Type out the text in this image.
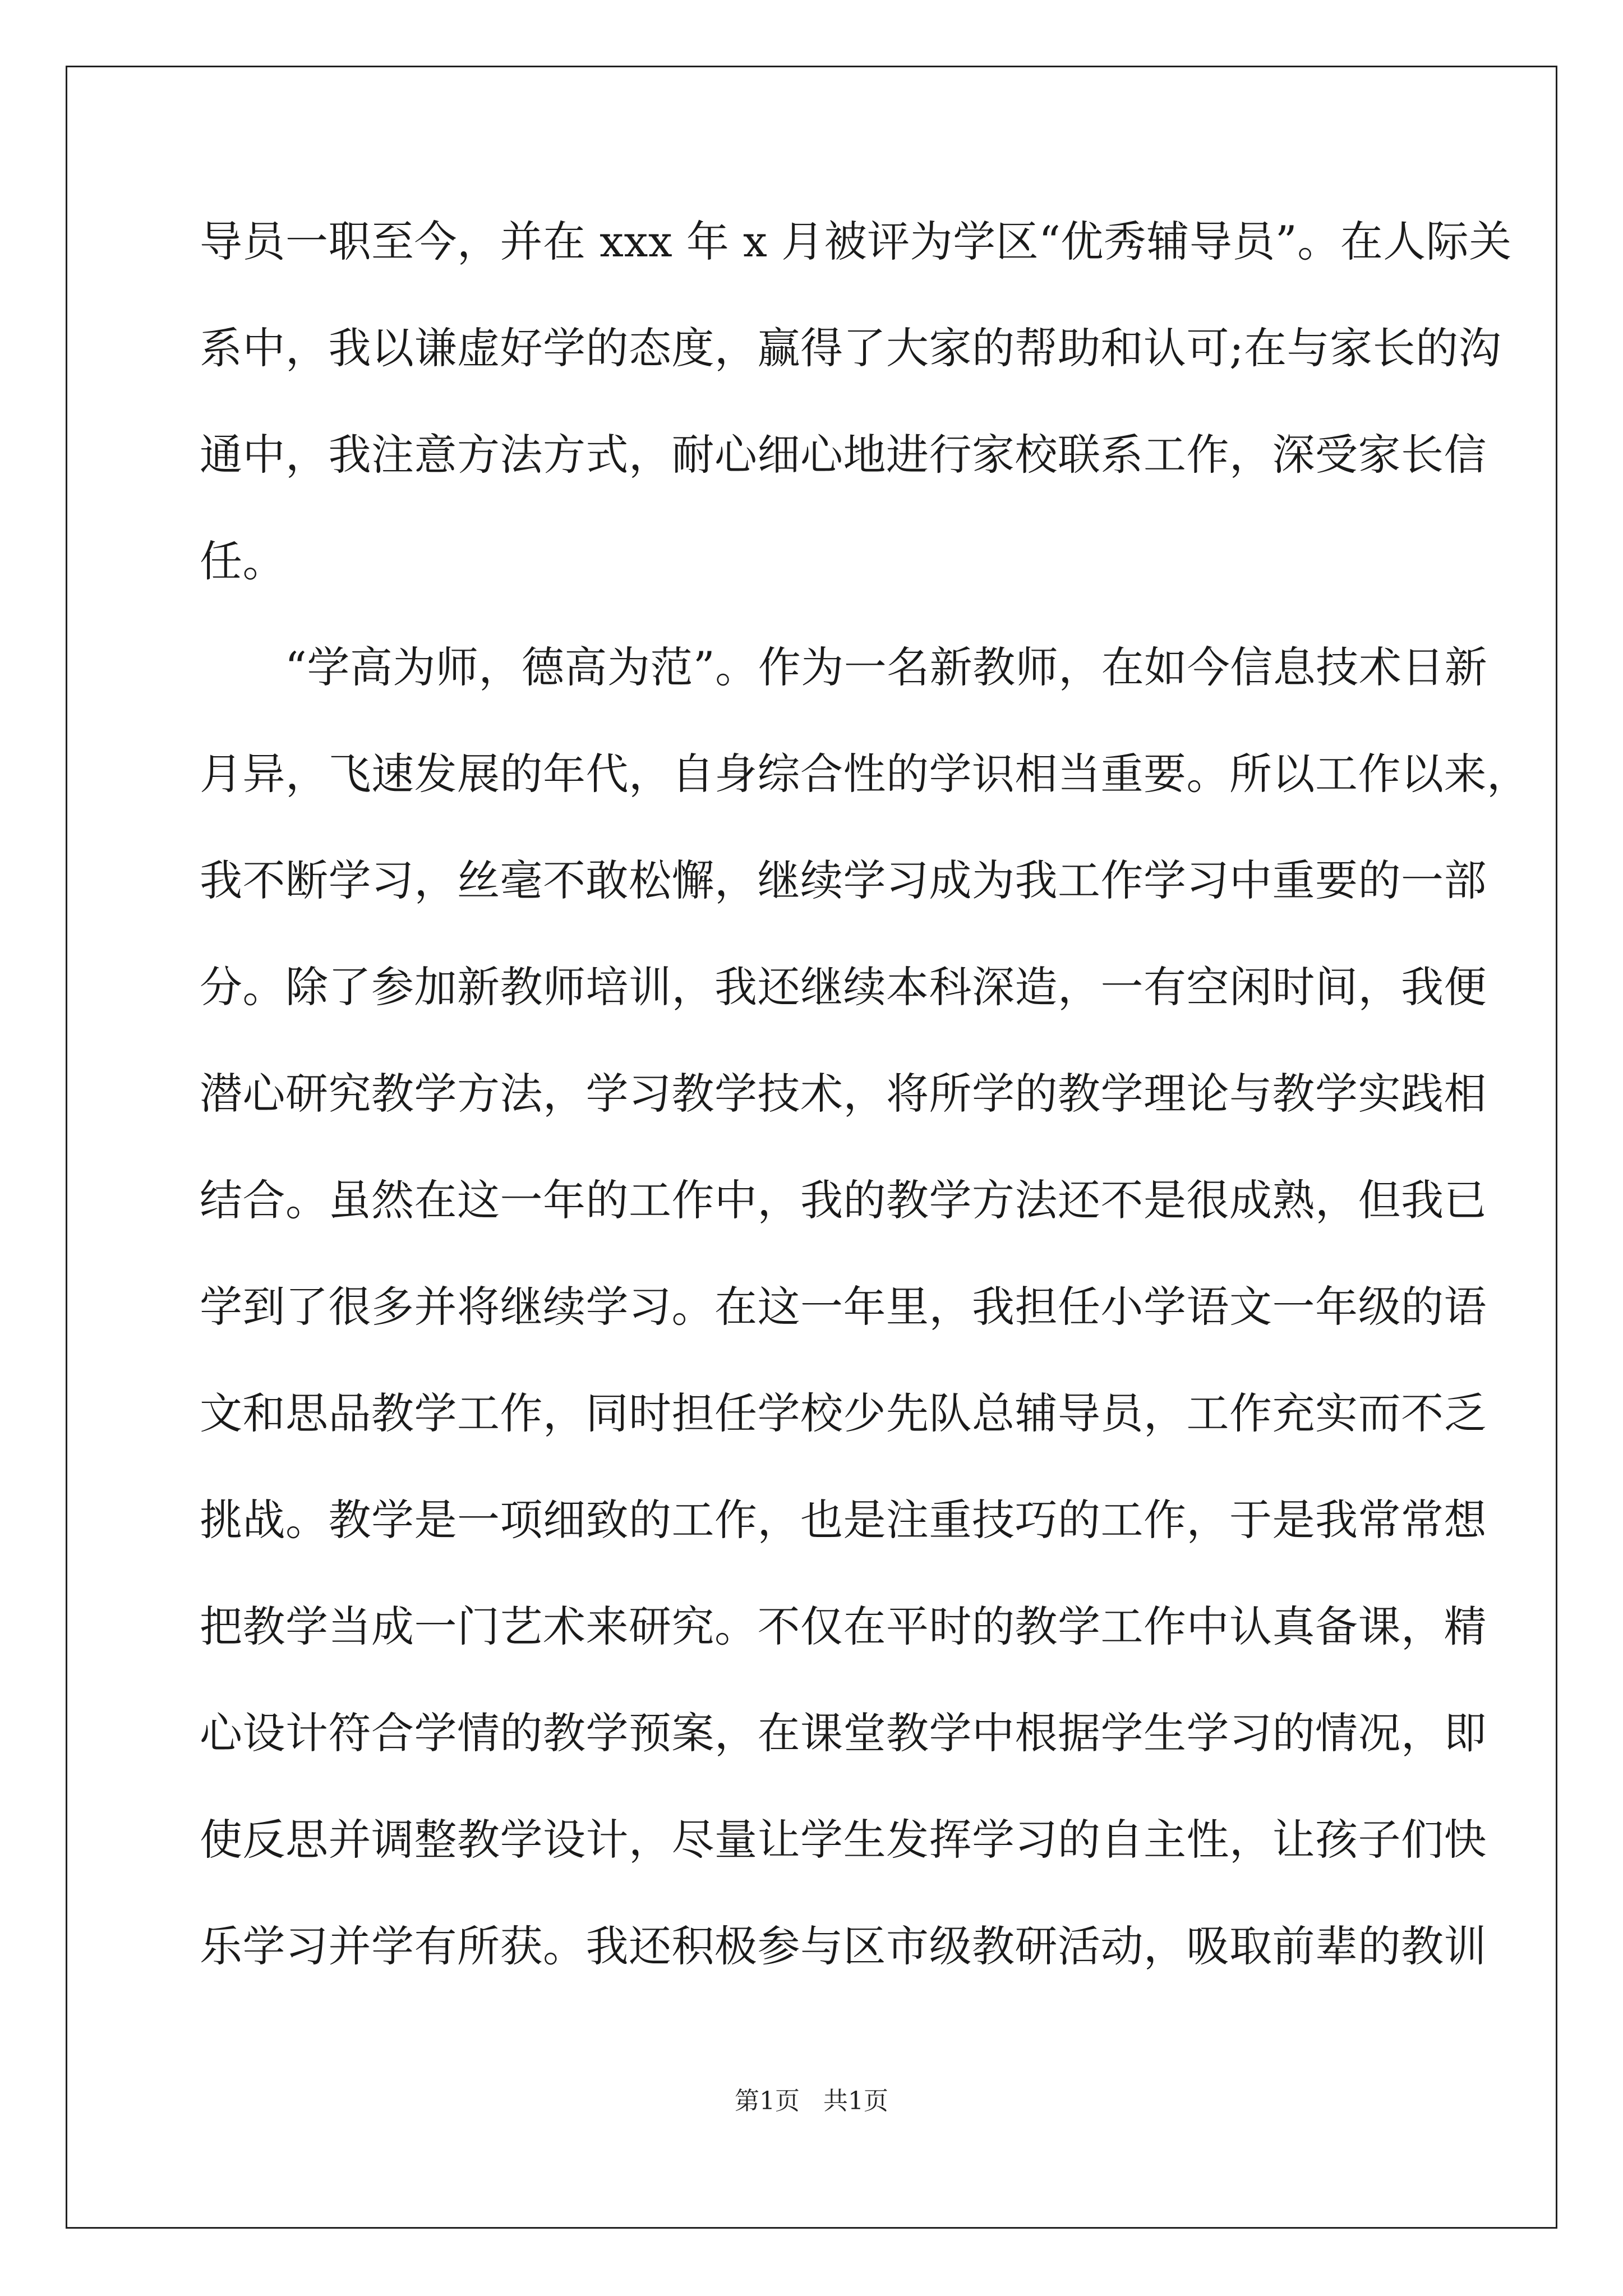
导员一职至今，并在 xxx 年 x 月被评为学区“优秀辅导员”。在人际关
系中，我以谦虚好学的态度，赢得了大家的帮助和认可;在与家长的沟
通中，我注意方法方式，耐心细心地进行家校联系工作，深受家长信
任。
“学高为师，德高为范”。作为一名新教师，在如今信息技术日新
月异，飞速发展的年代，自身综合性的学识相当重要。所以工作以来，
我不断学习，丝毫不敢松懈，继续学习成为我工作学习中重要的一部
分。除了参加新教师培训，我还继续本科深造，一有空闲时间，我便
潜心研究教学方法，学习教学技术，将所学的教学理论与教学实践相
结合。虽然在这一年的工作中，我的教学方法还不是很成熟，但我已
学到了很多并将继续学习。在这一年里，我担任小学语文一年级的语
文和思品教学工作，同时担任学校少先队总辅导员，工作充实而不乏
挑战。教学是一项细致的工作，也是注重技巧的工作，于是我常常想
把教学当成一门艺术来研究。不仅在平时的教学工作中认真备课，精
心设计符合学情的教学预案，在课堂教学中根据学生学习的情况，即
使反思并调整教学设计，尽量让学生发挥学习的自主性，让孩子们快
乐学习并学有所获。我还积极参与区市级教研活动，吸取前辈的教训
第1页 共1页
